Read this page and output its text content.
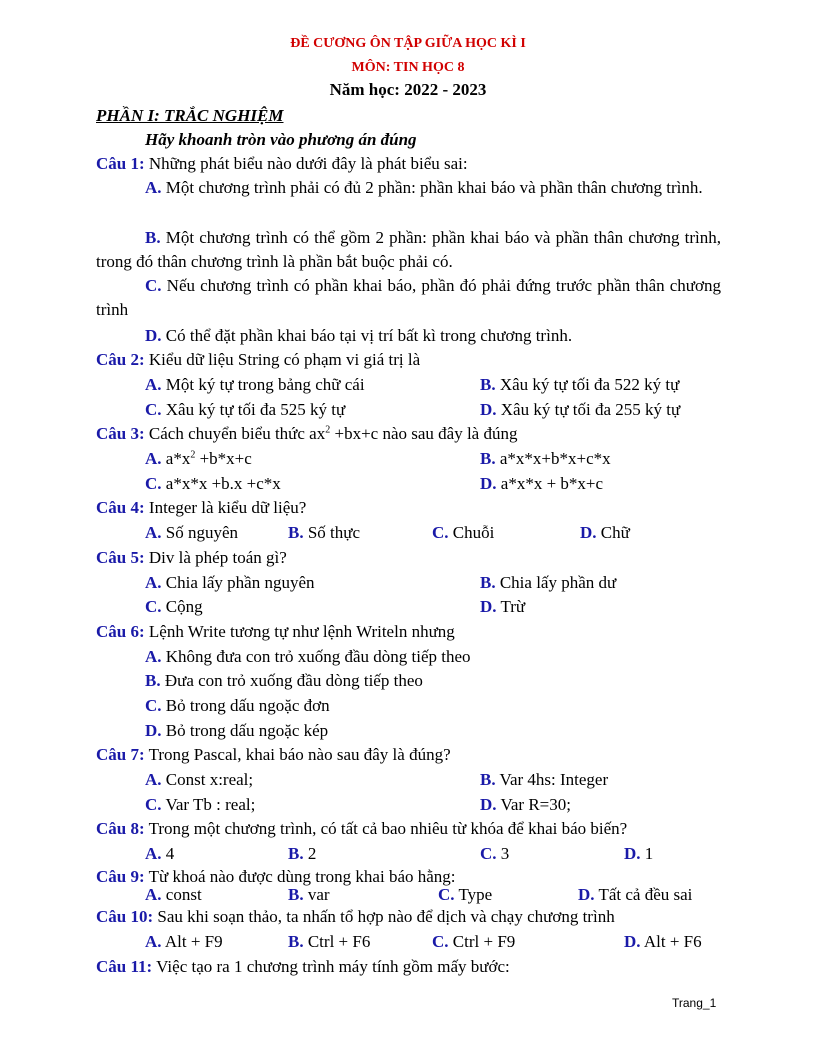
ĐỀ CƯƠNG ÔN TẬP GIỮA HỌC KÌ I
MÔN: TIN HỌC 8
Năm học: 2022 - 2023
PHẦN I: TRẮC NGHIỆM
Hãy khoanh tròn vào phương án đúng
Câu 1: Những phát biểu nào dưới đây là phát biểu sai:
A. Một chương trình phải có đủ 2 phần: phần khai báo và phần thân chương trình.
B. Một chương trình có thể gồm 2 phần: phần khai báo và phần thân chương trình, trong đó thân chương trình là phần bắt buộc phải có.
C. Nếu chương trình có phần khai báo, phần đó phải đứng trước phần thân chương trình
D. Có thể đặt phần khai báo tại vị trí bất kì trong chương trình.
Câu 2: Kiểu dữ liệu String có phạm vi giá trị là
A. Một ký tự trong bảng chữ cái	B. Xâu ký tự tối đa 522 ký tự
C. Xâu ký tự tối đa 525 ký tự	D. Xâu ký tự tối đa 255 ký tự
Câu 3: Cách chuyển biểu thức $ax^2 +bx+c$ nào sau đây là đúng
A. $a*x^2 +b*x+c$	B. a*x*x+b*x+c*x
C. a*x*x +b.x +c*x	D. a*x*x + b*x+c
Câu 4: Integer là kiểu dữ liệu?
A. Số nguyên	B. Số thực	C. Chuỗi	D. Chữ
Câu 5: Div là phép toán gì?
A. Chia lấy phần nguyên	B. Chia lấy phần dư
C. Cộng	D. Trừ
Câu 6: Lệnh Write tương tự như lệnh Writeln nhưng
A. Không đưa con trỏ xuống đầu dòng tiếp theo
B. Đưa con trỏ xuống đầu dòng tiếp theo
C. Bỏ trong dấu ngoặc đơn
D. Bỏ trong dấu ngoặc kép
Câu 7: Trong Pascal, khai báo nào sau đây là đúng?
A. Const x:real;	B. Var 4hs: Integer
C. Var Tb : real;	D. Var R=30;
Câu 8: Trong một chương trình, có tất cả bao nhiêu từ khóa để khai báo biến?
A. 4	B. 2	C. 3	D. 1
Câu 9: Từ khoá nào được dùng trong khai báo hằng:
A. const	B. var	C. Type	D. Tất cả đều sai
Câu 10: Sau khi soạn thảo, ta nhấn tổ hợp nào để dịch và chạy chương trình
A. Alt + F9	B. Ctrl + F6	C. Ctrl + F9	D. Alt + F6
Câu 11: Việc tạo ra 1 chương trình máy tính gồm mấy bước:
Trang_1
